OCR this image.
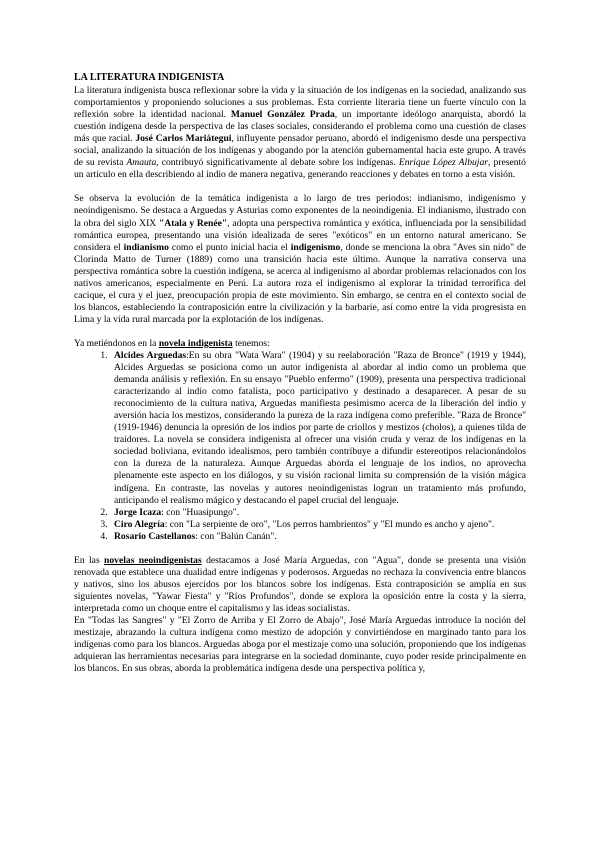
LA LITERATURA INDIGENISTA

La literatura indigenista busca reflexionar sobre la vida y la situación de los indígenas en la sociedad, analizando sus comportamientos y proponiendo soluciones a sus problemas. Esta corriente literaria tiene un fuerte vínculo con la reflexión sobre la identidad nacional. Manuel González Prada, un importante ideólogo anarquista, abordó la cuestión indígena desde la perspectiva de las clases sociales, considerando el problema como una cuestión de clases más que racial. José Carlos Mariátegui, influyente pensador peruano, abordó el indigenismo desde una perspectiva social, analizando la situación de los indígenas y abogando por la atención gubernamental hacia este grupo. A través de su revista Amauta, contribuyó significativamente al debate sobre los indígenas. Enrique López Albujar, presentó un artículo en ella describiendo al indio de manera negativa, generando reacciones y debates en torno a esta visión.

Se observa la evolución de la temática indigenista a lo largo de tres periodos: indianismo, indigenismo y neoindigenismo. Se destaca a Arguedas y Asturias como exponentes de la neoindigenia. El indianismo, ilustrado con la obra del siglo XIX "Atala y Renée", adopta una perspectiva romántica y exótica, influenciada por la sensibilidad romántica europea, presentando una visión idealizada de seres "exóticos" en un entorno natural americano. Se considera el indianismo como el punto inicial hacia el indigenismo, donde se menciona la obra "Aves sin nido" de Clorinda Matto de Turner (1889) como una transición hacia este último. Aunque la narrativa conserva una perspectiva romántica sobre la cuestión indígena, se acerca al indigenismo al abordar problemas relacionados con los nativos americanos, especialmente en Perú. La autora roza el indigenismo al explorar la trinidad terrorífica del cacique, el cura y el juez, preocupación propia de este movimiento. Sin embargo, se centra en el contexto social de los blancos, estableciendo la contraposición entre la civilización y la barbarie, así como entre la vida progresista en Lima y la vida rural marcada por la explotación de los indígenas.

Ya metiéndonos en la novela indigenista tenemos:

1. Alcides Arguedas:En su obra "Wata Wara" (1904) y su reelaboración "Raza de Bronce" (1919 y 1944), Alcides Arguedas se posiciona como un autor indigenista al abordar al indio como un problema que demanda análisis y reflexión. En su ensayo "Pueblo enfermo" (1909), presenta una perspectiva tradicional caracterizando al indio como fatalista, poco participativo y destinado a desaparecer. A pesar de su reconocimiento de la cultura nativa, Arguedas manifiesta pesimismo acerca de la liberación del indio y aversión hacia los mestizos, considerando la pureza de la raza indígena como preferible. "Raza de Bronce" (1919-1946) denuncia la opresión de los indios por parte de criollos y mestizos (cholos), a quienes tilda de traidores. La novela se considera indigenista al ofrecer una visión cruda y veraz de los indígenas en la sociedad boliviana, evitando idealismos, pero también contribuye a difundir estereotipos relacionándolos con la dureza de la naturaleza. Aunque Arguedas aborda el lenguaje de los indios, no aprovecha plenamente este aspecto en los diálogos, y su visión racional limita su comprensión de la visión mágica indígena. En contraste, las novelas y autores neoindigenistas logran un tratamiento más profundo, anticipando el realismo mágico y destacando el papel crucial del lenguaje.
2. Jorge Icaza: con "Huasipungo".
3. Ciro Alegría: con "La serpiente de oro", "Los perros hambrientos" y "El mundo es ancho y ajeno".
4. Rosario Castellanos: con "Balún Canán".

En las novelas neoindigenistas destacamos a José María Arguedas, con "Agua", donde se presenta una visión renovada que establece una dualidad entre indígenas y poderosos. Arguedas no rechaza la convivencia entre blancos y nativos, sino los abusos ejercidos por los blancos sobre los indígenas. Esta contraposición se amplía en sus siguientes novelas, "Yawar Fiesta" y "Ríos Profundos", donde se explora la oposición entre la costa y la sierra, interpretada como un choque entre el capitalismo y las ideas socialistas.

En "Todas las Sangres" y "El Zorro de Arriba y El Zorro de Abajo", José María Arguedas introduce la noción del mestizaje, abrazando la cultura indígena como mestizo de adopción y convirtiéndose en marginado tanto para los indígenas como para los blancos. Arguedas aboga por el mestizaje como una solución, proponiendo que los indígenas adquieran las herramientas necesarias para integrarse en la sociedad dominante, cuyo poder reside principalmente en los blancos. En sus obras, aborda la problemática indígena desde una perspectiva política y,
